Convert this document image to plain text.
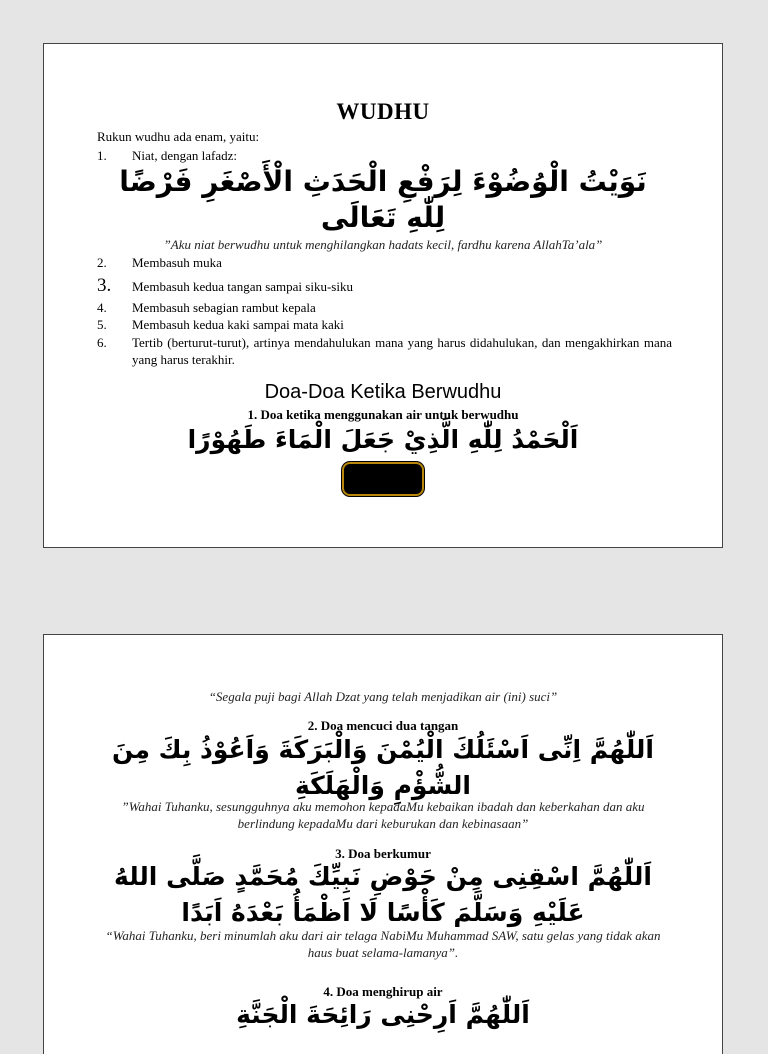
WUDHU
Rukun wudhu ada enam, yaitu:
1. Niat, dengan lafadz:
نَوَيْتُ الْوُضُوْءَ لِرَفْعِ الْحَدَثِ الْأَصْغَرِ فَرْضًا لِلّٰهِ تَعَالَى
”Aku niat berwudhu untuk menghilangkan hadats kecil, fardhu karena AllahTa’ala”
2. Membasuh muka
3. Membasuh kedua tangan sampai siku-siku
4. Membasuh sebagian rambut kepala
5. Membasuh kedua kaki sampai mata kaki
6.	Tertib (berturut-turut), artinya mendahulukan mana yang harus didahulukan, dan mengakhirkan mana yang harus terakhir.
Doa-Doa Ketika Berwudhu
1. Doa ketika menggunakan air untuk berwudhu
اَلْحَمْدُ لِلّٰهِ الَّذِيْ جَعَلَ الْمَاءَ طَهُوْرًا
“Segala puji bagi Allah Dzat yang telah menjadikan air (ini) suci”
2. Doa mencuci dua tangan
اَللّٰهُمَّ اِنِّى اَسْئَلُكَ الْيُمْنَ وَالْبَرَكَةَ وَاَعُوْذُ بِكَ مِنَ الشُّؤْمِ وَالْهَلَكَةِ
”Wahai Tuhanku, sesungguhnya aku memohon kepadaMu kebaikan ibadah dan keberkahan dan aku berlindung kepadaMu dari keburukan dan kebinasaan”
3. Doa berkumur
اَللّٰهُمَّ اسْقِنِى مِنْ حَوْضِ نَبِيِّكَ مُحَمَّدٍ صَلَّى اللهُ عَلَيْهِ وَسَلَّمَ كَأْسًا لَا اَظْمَأُ بَعْدَهُ اَبَدًا
“Wahai Tuhanku, beri minumlah aku dari air telaga NabiMu Muhammad SAW, satu gelas yang tidak akan haus buat selama-lamanya”.
4. Doa menghirup air
اَللّٰهُمَّ اَرِحْنِى رَائِحَةَ الْجَنَّةِ
